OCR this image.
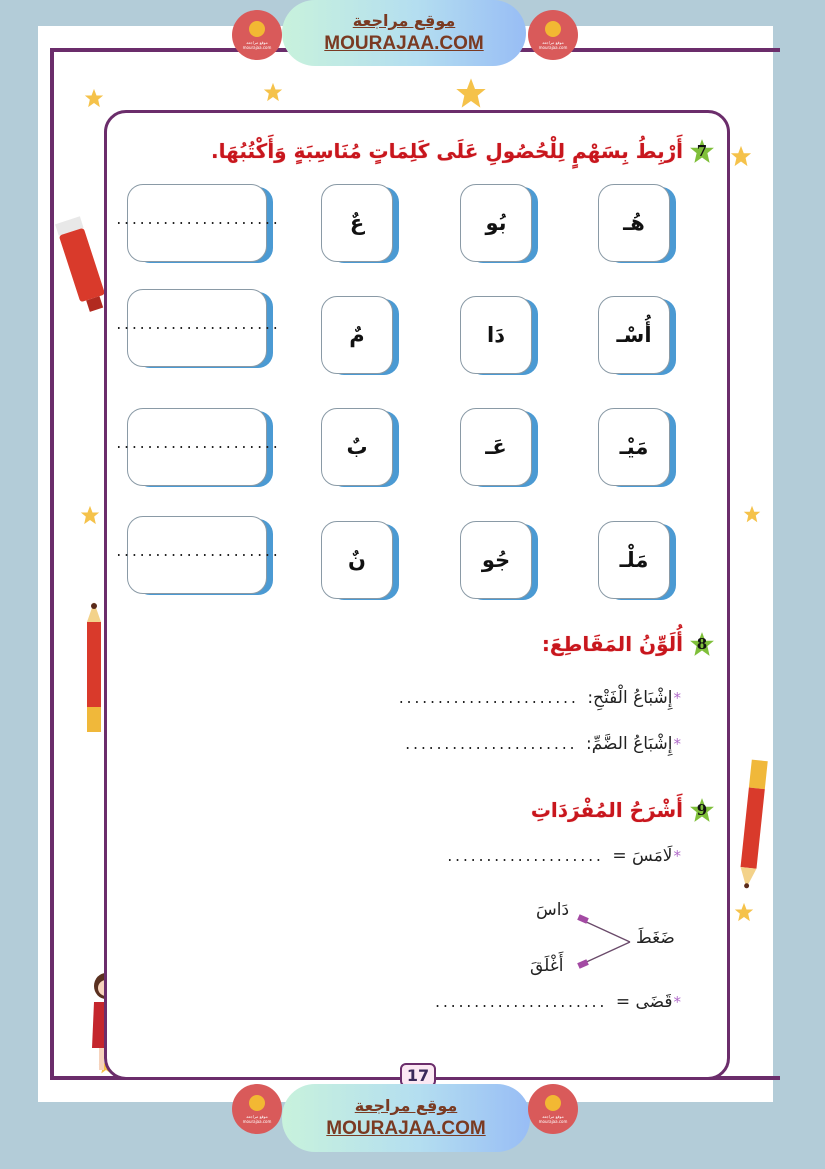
موقع مراجعة mourajaa.com
موقع مراجعة
MOURAJAA.COM	موقع مراجعة mourajaa.com
7
أَرْبِطُ بِسَهْمٍ لِلْحُصُولِ عَلَى كَلِمَاتٍ مُنَاسِبَةٍ وَأَكْتُبُهَا.
هُـ
بُو
عٌ
.....................
أُسْـ
دَا
مٌ
.....................
مَيْـ
عَـ
بٌ
.....................
مَلْـ
جُو
نٌ
.....................
8
أُلَوِّنُ المَقَاطِعَ:
*
إِشْبَاعُ الْفَتْحِ:
.......................
*
إِشْبَاعُ الضَّمِّ:
......................
9
أَشْرَحُ المُفْرَدَاتِ
*
لَامَسَ =
....................
دَاسَ
ضَغَطَ
أَغْلَقَ
*
قَضَى =
......................
17
موقع مراجعة mourajaa.com
موقع مراجعة
MOURAJAA.COM
موقع مراجعة mourajaa.com
